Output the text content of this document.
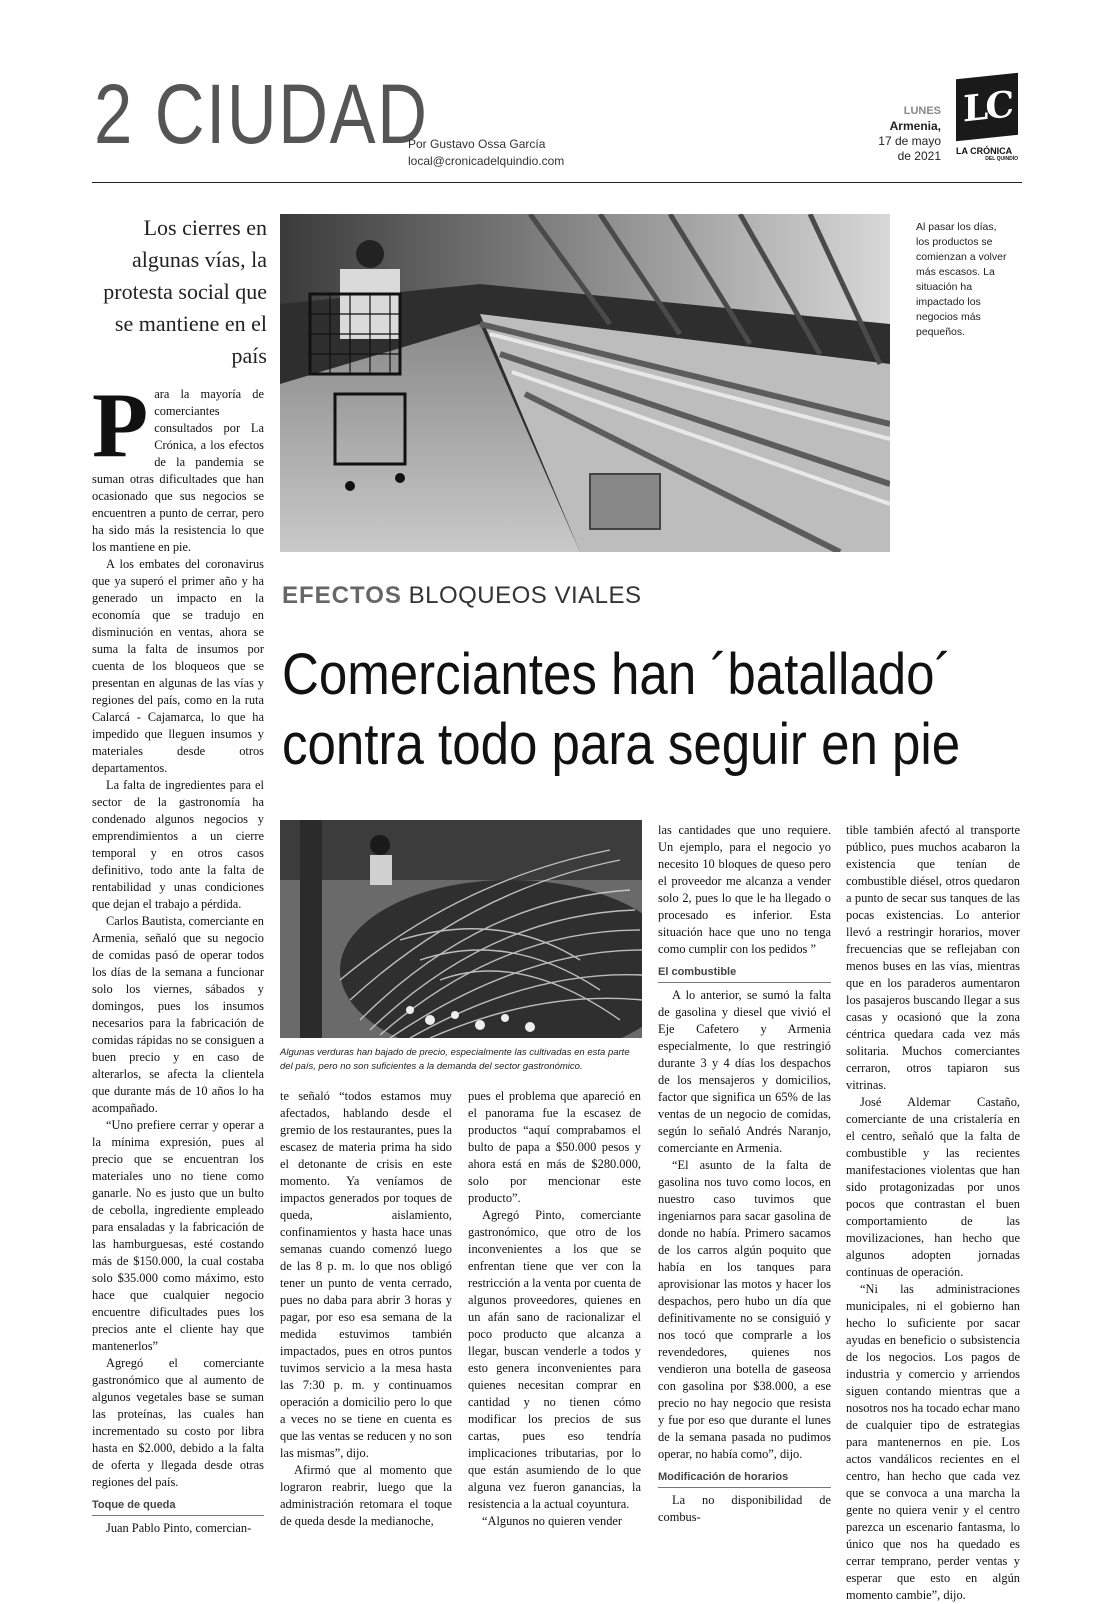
2 CIUDAD
Por Gustavo Ossa García
local@cronicadelquindio.com
LUNES
Armenia,
17 de mayo
de 2021
LC
LA CRÓNICA
DEL QUINDÍO
Los cierres en algunas vías, la protesta social que se mantiene en el país
Al pasar los días, los productos se comienzan a volver más escasos. La situación ha impactado los negocios más pequeños.
EFECTOS BLOQUEOS VIALES
Comerciantes han ´batallado´
contra todo para seguir en pie
Algunas verduras han bajado de precio, especialmente las cultivadas en esta parte del país, pero no son suficientes a la demanda del sector gastronómico.

Para la mayoría de comerciantes consultados por La Crónica, a los efectos de la pandemia se suman otras dificultades que han ocasionado que sus negocios se encuentren a punto de cerrar, pero ha sido más la resistencia lo que los mantiene en pie.

A los embates del coronavirus que ya superó el primer año y ha generado un impacto en la economía que se tradujo en disminución en ventas, ahora se suma la falta de insumos por cuenta de los bloqueos que se presentan en algunas de las vías y regiones del país, como en la ruta Calarcá - Cajamarca, lo que ha impedido que lleguen insumos y materiales desde otros departamentos.

La falta de ingredientes para el sector de la gastronomía ha condenado algunos negocios y emprendimientos a un cierre temporal y en otros casos definitivo, todo ante la falta de rentabilidad y unas condiciones que dejan el trabajo a pérdida.

Carlos Bautista, comerciante en Armenia, señaló que su negocio de comidas pasó de operar todos los días de la semana a funcionar solo los viernes, sábados y domingos, pues los insumos necesarios para la fabricación de comidas rápidas no se consiguen a buen precio y en caso de alterarlos, se afecta la clientela que durante más de 10 años lo ha acompañado.

“Uno prefiere cerrar y operar a la mínima expresión, pues al precio que se encuentran los materiales uno no tiene como ganarle. No es justo que un bulto de cebolla, ingrediente empleado para ensaladas y la fabricación de las hamburguesas, esté costando más de $150.000, la cual costaba solo $35.000 como máximo, esto hace que cualquier negocio encuentre dificultades pues los precios ante el cliente hay que mantenerlos”

Agregó el comerciante gastronómico que al aumento de algunos vegetales base se suman las proteínas, las cuales han incrementado su costo por libra hasta en $2.000, debido a la falta de oferta y llegada desde otras regiones del país.

Toque de queda

Juan Pablo Pinto, comercian-

te señaló “todos estamos muy afectados, hablando desde el gremio de los restaurantes, pues la escasez de materia prima ha sido el detonante de crisis en este momento. Ya veníamos de impactos generados por toques de queda, aislamiento, confinamientos y hasta hace unas semanas cuando comenzó luego de las 8 p. m. lo que nos obligó tener un punto de venta cerrado, pues no daba para abrir 3 horas y pagar, por eso esa semana de la medida estuvimos también impactados, pues en otros puntos tuvimos servicio a la mesa hasta las 7:30 p. m. y continuamos operación a domicilio pero lo que a veces no se tiene en cuenta es que las ventas se reducen y no son las mismas”, dijo.

Afirmó que al momento que lograron reabrir, luego que la administración retomara el toque de queda desde la medianoche,

pues el problema que apareció en el panorama fue la escasez de productos “aquí comprabamos el bulto de papa a $50.000 pesos y ahora está en más de $280.000, solo por mencionar este producto”.

Agregó Pinto, comerciante gastronómico, que otro de los inconvenientes a los que se enfrentan tiene que ver con la restricción a la venta por cuenta de algunos proveedores, quienes en un afán sano de racionalizar el poco producto que alcanza a llegar, buscan venderle a todos y esto genera inconvenientes para quienes necesitan comprar en cantidad y no tienen cómo modificar los precios de sus cartas, pues eso tendría implicaciones tributarias, por lo que están asumiendo de lo que alguna vez fueron ganancias, la resistencia a la actual coyuntura.

“Algunos no quieren vender

las cantidades que uno requiere. Un ejemplo, para el negocio yo necesito 10 bloques de queso pero el proveedor me alcanza a vender solo 2, pues lo que le ha llegado o procesado es inferior. Esta situación hace que uno no tenga como cumplir con los pedidos ”

El combustible

A lo anterior, se sumó la falta de gasolina y diesel que vivió el Eje Cafetero y Armenia especialmente, lo que restringió durante 3 y 4 días los despachos de los mensajeros y domicilios, factor que significa un 65% de las ventas de un negocio de comidas, según lo señaló Andrés Naranjo, comerciante en Armenia.

“El asunto de la falta de gasolina nos tuvo como locos, en nuestro caso tuvimos que ingeniarnos para sacar gasolina de donde no había. Primero sacamos de los carros algún poquito que había en los tanques para aprovisionar las motos y hacer los despachos, pero hubo un día que definitivamente no se consiguió y nos tocó que comprarle a los revendedores, quienes nos vendieron una botella de gaseosa con gasolina por $38.000, a ese precio no hay negocio que resista y fue por eso que durante el lunes de la semana pasada no pudimos operar, no había como”, dijo.

Modificación de horarios

La no disponibilidad de combus-

tible también afectó al transporte público, pues muchos acabaron la existencia que tenían de combustible diésel, otros quedaron a punto de secar sus tanques de las pocas existencias. Lo anterior llevó a restringir horarios, mover frecuencias que se reflejaban con menos buses en las vías, mientras que en los paraderos aumentaron los pasajeros buscando llegar a sus casas y ocasionó que la zona céntrica quedara cada vez más solitaria. Muchos comerciantes cerraron, otros tapiaron sus vitrinas.

José Aldemar Castaño, comerciante de una cristalería en el centro, señaló que la falta de combustible y las recientes manifestaciones violentas que han sido protagonizadas por unos pocos que contrastan el buen comportamiento de las movilizaciones, han hecho que algunos adopten jornadas continuas de operación.

“Ni las administraciones municipales, ni el gobierno han hecho lo suficiente por sacar ayudas en beneficio o subsistencia de los negocios. Los pagos de industria y comercio y arriendos siguen contando mientras que a nosotros nos ha tocado echar mano de cualquier tipo de estrategias para mantenernos en pie. Los actos vandálicos recientes en el centro, han hecho que cada vez que se convoca a una marcha la gente no quiera venir y el centro parezca un escenario fantasma, lo único que nos ha quedado es cerrar temprano, perder ventas y esperar que esto en algún momento cambie”, dijo.
